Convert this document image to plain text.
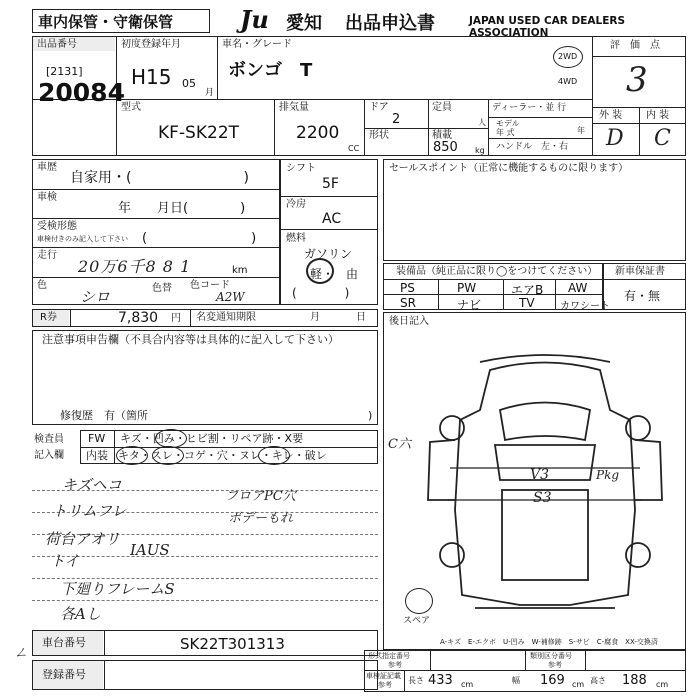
車内保管・守衛保管	Ju 愛知 出品申込書	JAPAN USED CAR DEALERS ASSOCIATION
出品番号
[2131]
20084
初度登録年月
H15 05
月
車名・グレード
ボンゴ　T
2WD
4WD
評　価　点
3
型式
KF-SK22T
排気量
2200
CC
ドア
2
形状
定員
人
積載
850 kg
ディーラー・並 行
モデル
年 式	年
ハンドル　左・右
外 装 内 装
D C
車歴
自家用・(　　　　　　　　)
車検
年　　月日(　　　　)
受検形態
車検付きのみ記入して下さい (　　　　　　　　)
走行
20万6千8 8 1	km
色
シロ	色替 色コード
A2W
シフト
5F
冷房
AC
燃料
ガソリン
軽・　由
(　　　　)
セールスポイント（正常に機能するものに限ります）
装備品（純正品に限り◯をつけてください）
PS	PW	エアB AW
SR	ナビ	TV	カワシート
新車保証書
有・無
R券	7,830 円 名変通知期限	月	日
注意事項申告欄（不具合内容等は具体的に記入して下さい）
修復歴　有（箇所	)
後日記入
検査員
記入欄
FW キズ・凹み・ヒビ割・リペア跡・X要
内装 キタ・スレ・コゲ・穴・ヌレ・キレ・破レ
キズヘコ
トリムフレ
荷台アオリ
トイ
下廻りフレームS
各Aし
フロアPC穴
ボデーもれ
IAUS
ㄥ
C六
V3
S3
Pkg
スペア
A-キズ　E-エクボ　U-凹み　W-補修跡　S-サビ　C-腐食　XX-交換済
車台番号	SK22T301313
登録番号
形式指定番号
参考
類別区分番号
参考
車検証記載
参考 長さ 433 cm	幅 169 cm 高さ 188 cm
